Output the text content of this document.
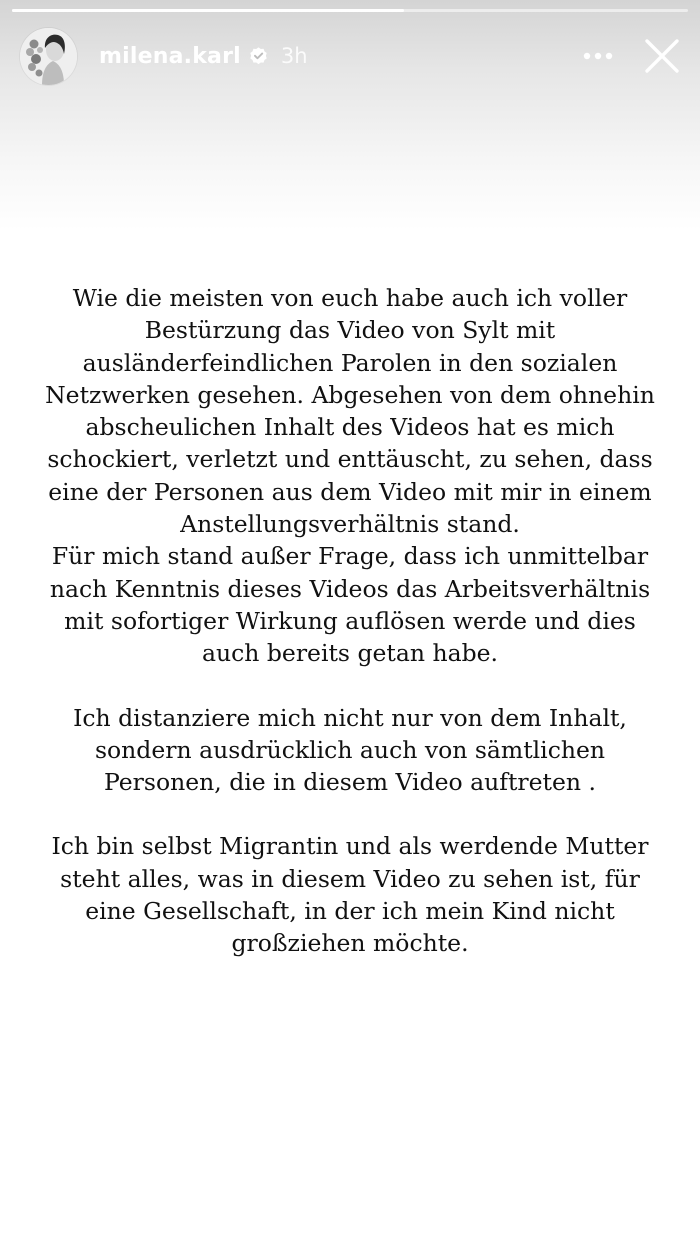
milena.karl 3h

Wie die meisten von euch habe auch ich voller
Bestürzung das Video von Sylt mit
ausländerfeindlichen Parolen in den sozialen
Netzwerken gesehen. Abgesehen von dem ohnehin
abscheulichen Inhalt des Videos hat es mich
schockiert, verletzt und enttäuscht, zu sehen, dass
eine der Personen aus dem Video mit mir in einem
Anstellungsverhältnis stand.
Für mich stand außer Frage, dass ich unmittelbar
nach Kenntnis dieses Videos das Arbeitsverhältnis
mit sofortiger Wirkung auflösen werde und dies
auch bereits getan habe.

Ich distanziere mich nicht nur von dem Inhalt,
sondern ausdrücklich auch von sämtlichen
Personen, die in diesem Video auftreten .

Ich bin selbst Migrantin und als werdende Mutter
steht alles, was in diesem Video zu sehen ist, für
eine Gesellschaft, in der ich mein Kind nicht
großziehen möchte.
